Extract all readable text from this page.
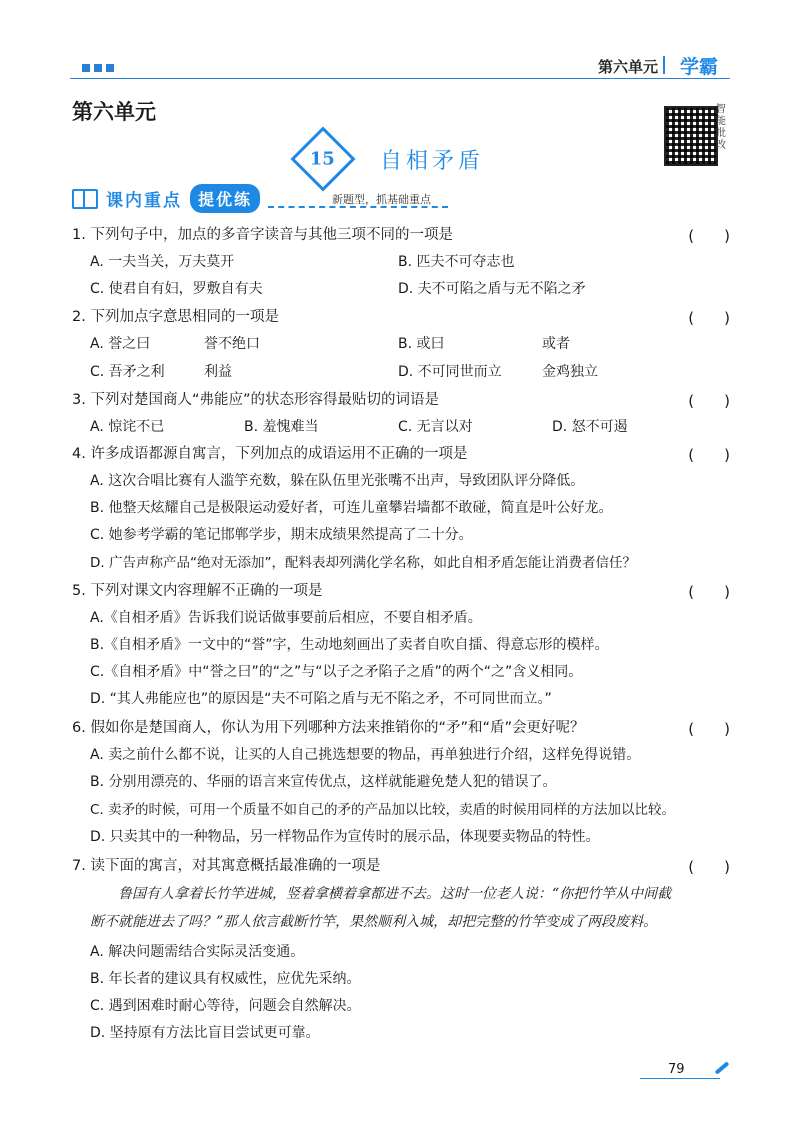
第六单元 学霸
第六单元
15 自相矛盾
智能批改
课内重点	提优练	新题型，抓基础重点
1. 下列句子中，加点的多音字读音与其他三项不同的一项是	(　　)
A. 一夫当关，万夫莫开	B. 匹夫不可夺志也
C. 使君自有妇，罗敷自有夫	D. 夫不可陷之盾与无不陷之矛
2. 下列加点字意思相同的一项是	(　　)
A. 誉之曰	誉不绝口	B. 或曰	或者
C. 吾矛之利	利益	D. 不可同世而立	金鸡独立
3. 下列对楚国商人“弗能应”的状态形容得最贴切的词语是	(　　)
A. 惊诧不已	B. 羞愧难当	C. 无言以对	D. 怒不可遏
4. 许多成语都源自寓言，下列加点的成语运用不正确的一项是	(　　)
A. 这次合唱比赛有人滥竽充数，躲在队伍里光张嘴不出声，导致团队评分降低。
B. 他整天炫耀自己是极限运动爱好者，可连儿童攀岩墙都不敢碰，简直是叶公好龙。
C. 她参考学霸的笔记邯郸学步，期末成绩果然提高了二十分。
D. 广告声称产品“绝对无添加”，配料表却列满化学名称，如此自相矛盾怎能让消费者信任？
5. 下列对课文内容理解不正确的一项是	(　　)
A.《自相矛盾》告诉我们说话做事要前后相应，不要自相矛盾。
B.《自相矛盾》一文中的“誉”字，生动地刻画出了卖者自吹自擂、得意忘形的模样。
C.《自相矛盾》中“誉之曰”的“之”与“以子之矛陷子之盾”的两个“之”含义相同。
D. “其人弗能应也”的原因是“夫不可陷之盾与无不陷之矛，不可同世而立。”
6. 假如你是楚国商人，你认为用下列哪种方法来推销你的“矛”和“盾”会更好呢？	(　　)
A. 卖之前什么都不说，让买的人自己挑选想要的物品，再单独进行介绍，这样免得说错。
B. 分别用漂亮的、华丽的语言来宣传优点，这样就能避免楚人犯的错误了。
C. 卖矛的时候，可用一个质量不如自己的矛的产品加以比较，卖盾的时候用同样的方法加以比较。
D. 只卖其中的一种物品，另一样物品作为宣传时的展示品，体现要卖物品的特性。
7. 读下面的寓言，对其寓意概括最准确的一项是	(　　)
鲁国有人拿着长竹竿进城，竖着拿横着拿都进不去。这时一位老人说：“你把竹竿从中间截
断不就能进去了吗？”那人依言截断竹竿，果然顺利入城，却把完整的竹竿变成了两段废料。
A. 解决问题需结合实际灵活变通。
B. 年长者的建议具有权威性，应优先采纳。
C. 遇到困难时耐心等待，问题会自然解决。
D. 坚持原有方法比盲目尝试更可靠。
79
